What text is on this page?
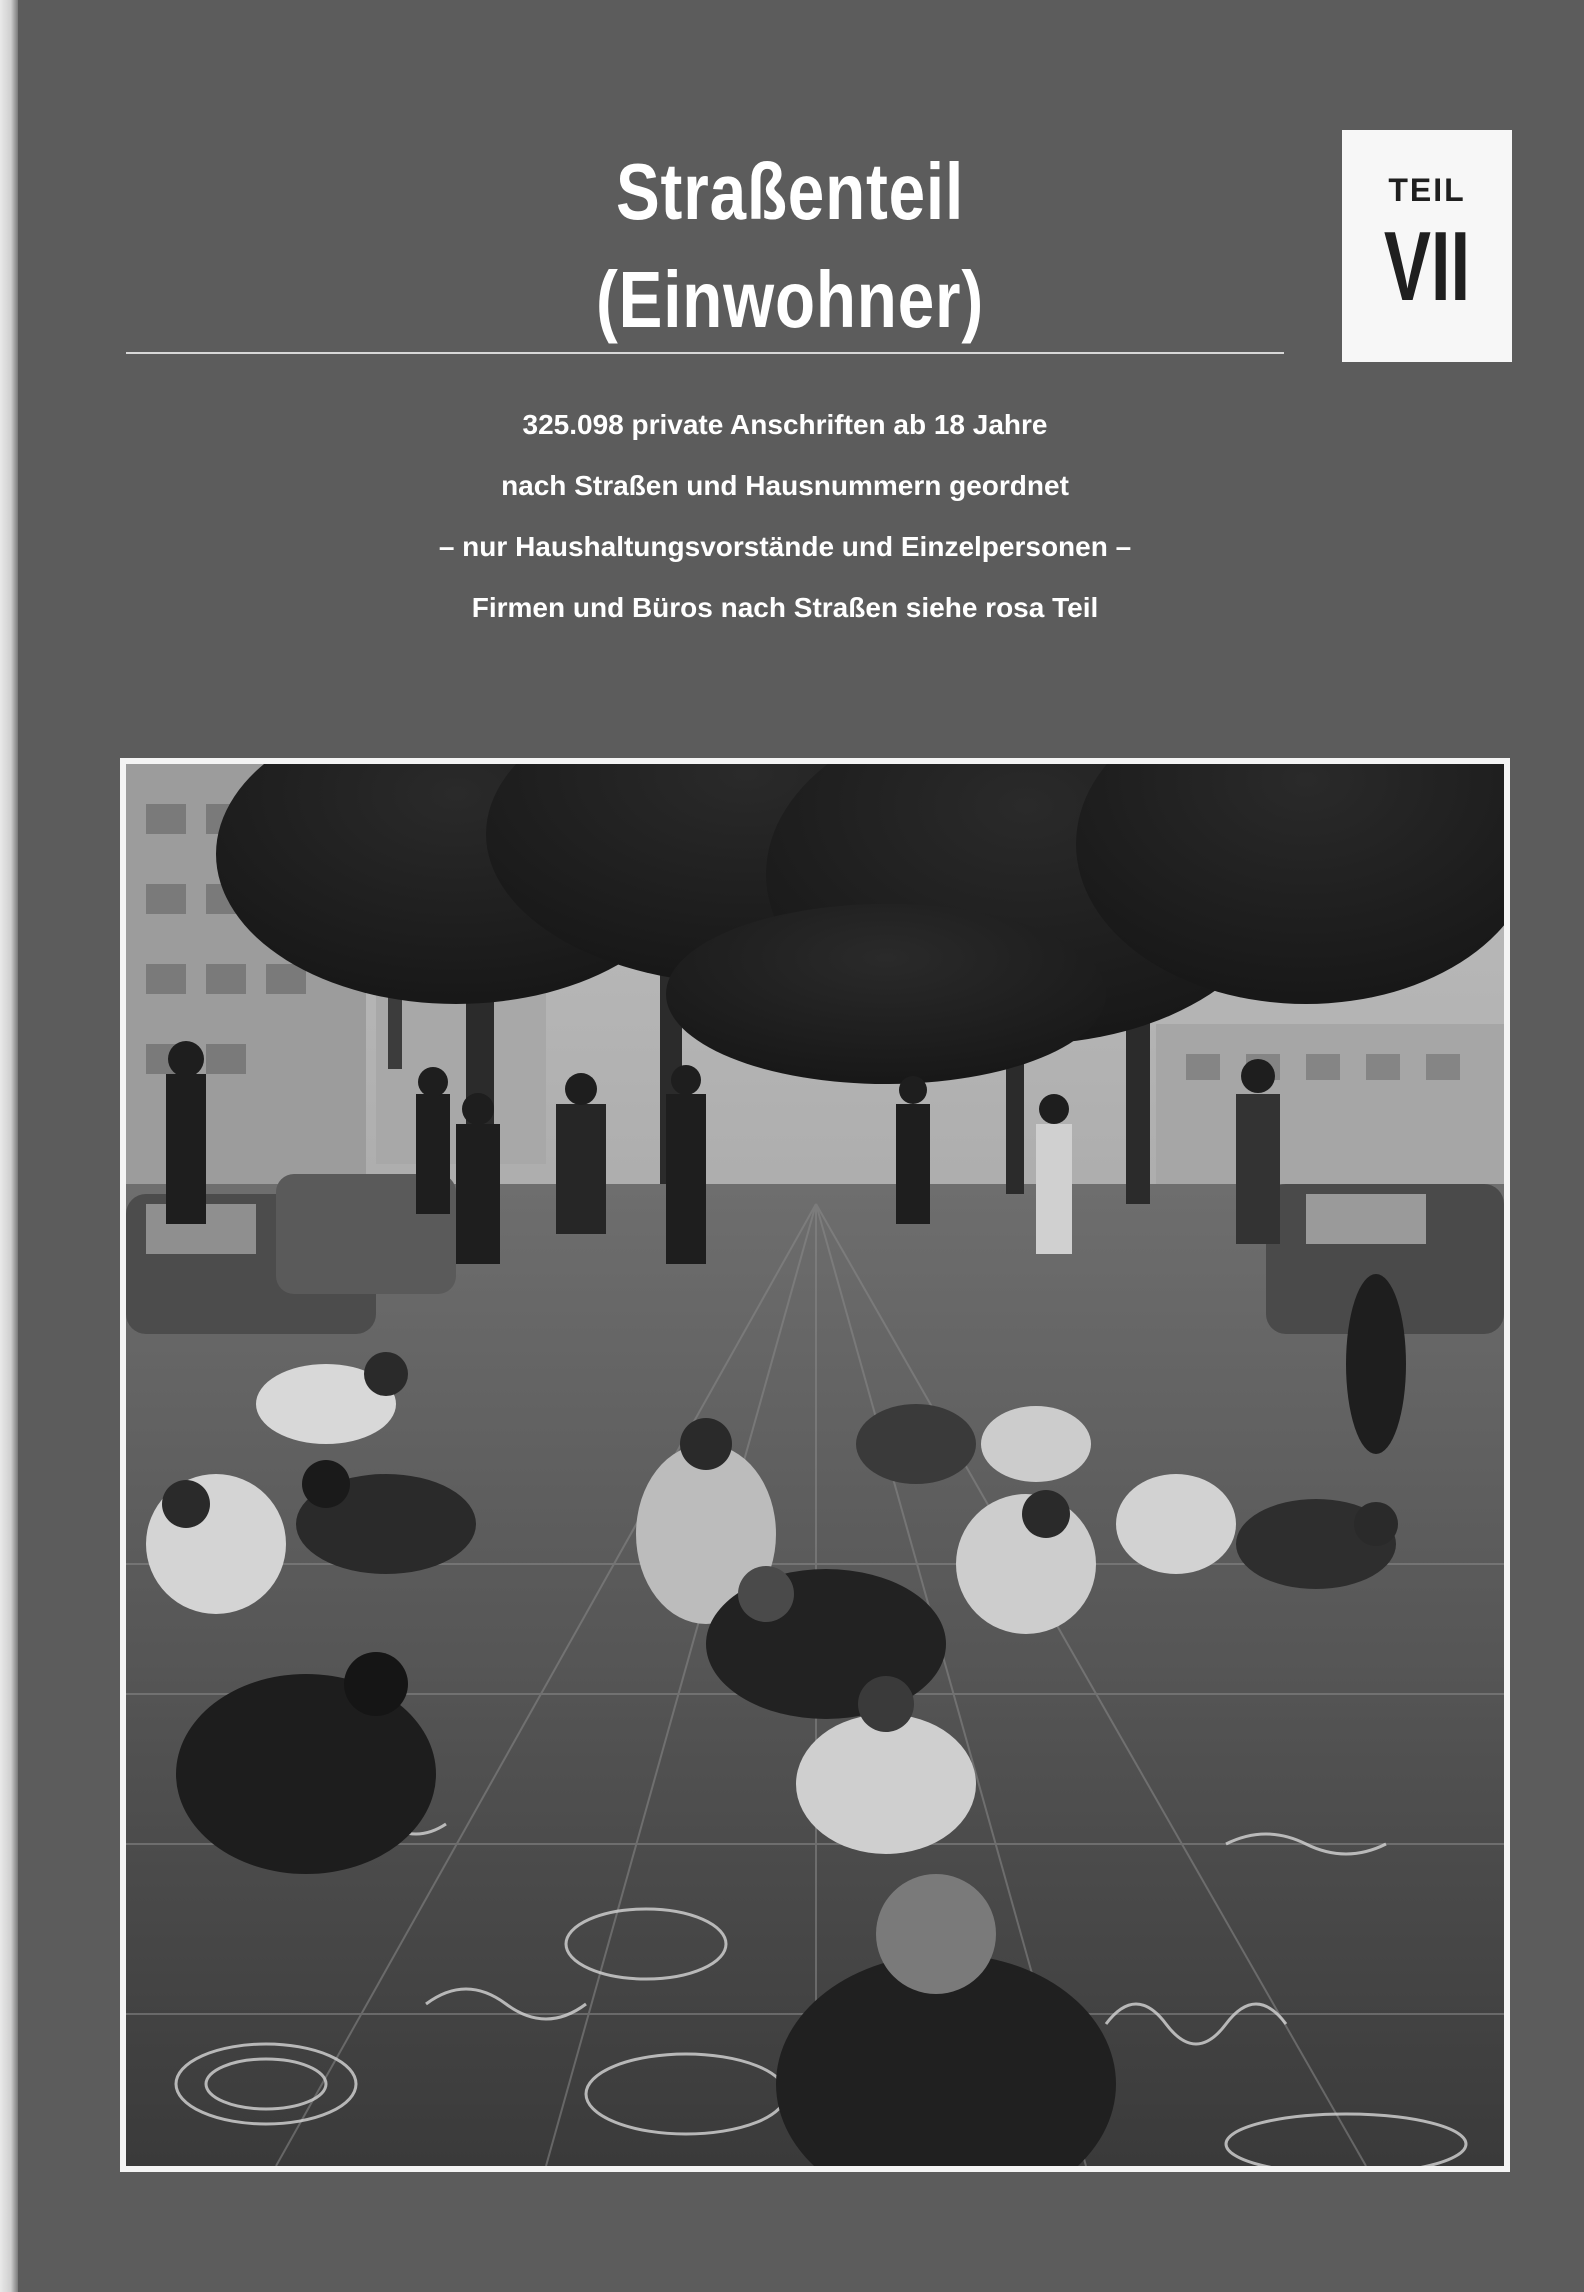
Straßenteil
(Einwohner)
TEIL
VII
325.098 private Anschriften ab 18 Jahre
nach Straßen und Hausnummern geordnet
– nur Haushaltungsvorstände und Einzelpersonen –
Firmen und Büros nach Straßen siehe rosa Teil
